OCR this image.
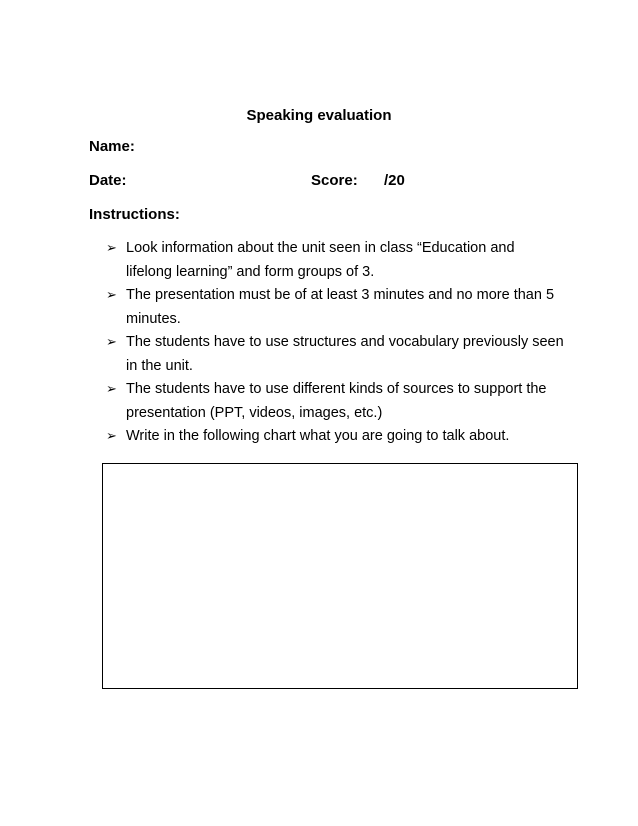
Speaking evaluation
Name:
Date:	Score: /20
Instructions:
➢ Look information about the unit seen in class “Education and lifelong learning” and form groups of 3.
➢ The presentation must be of at least 3 minutes and no more than 5 minutes.
➢ The students have to use structures and vocabulary previously seen in the unit.
➢ The students have to use different kinds of sources to support the presentation (PPT, videos, images, etc.)
➢ Write in the following chart what you are going to talk about.
